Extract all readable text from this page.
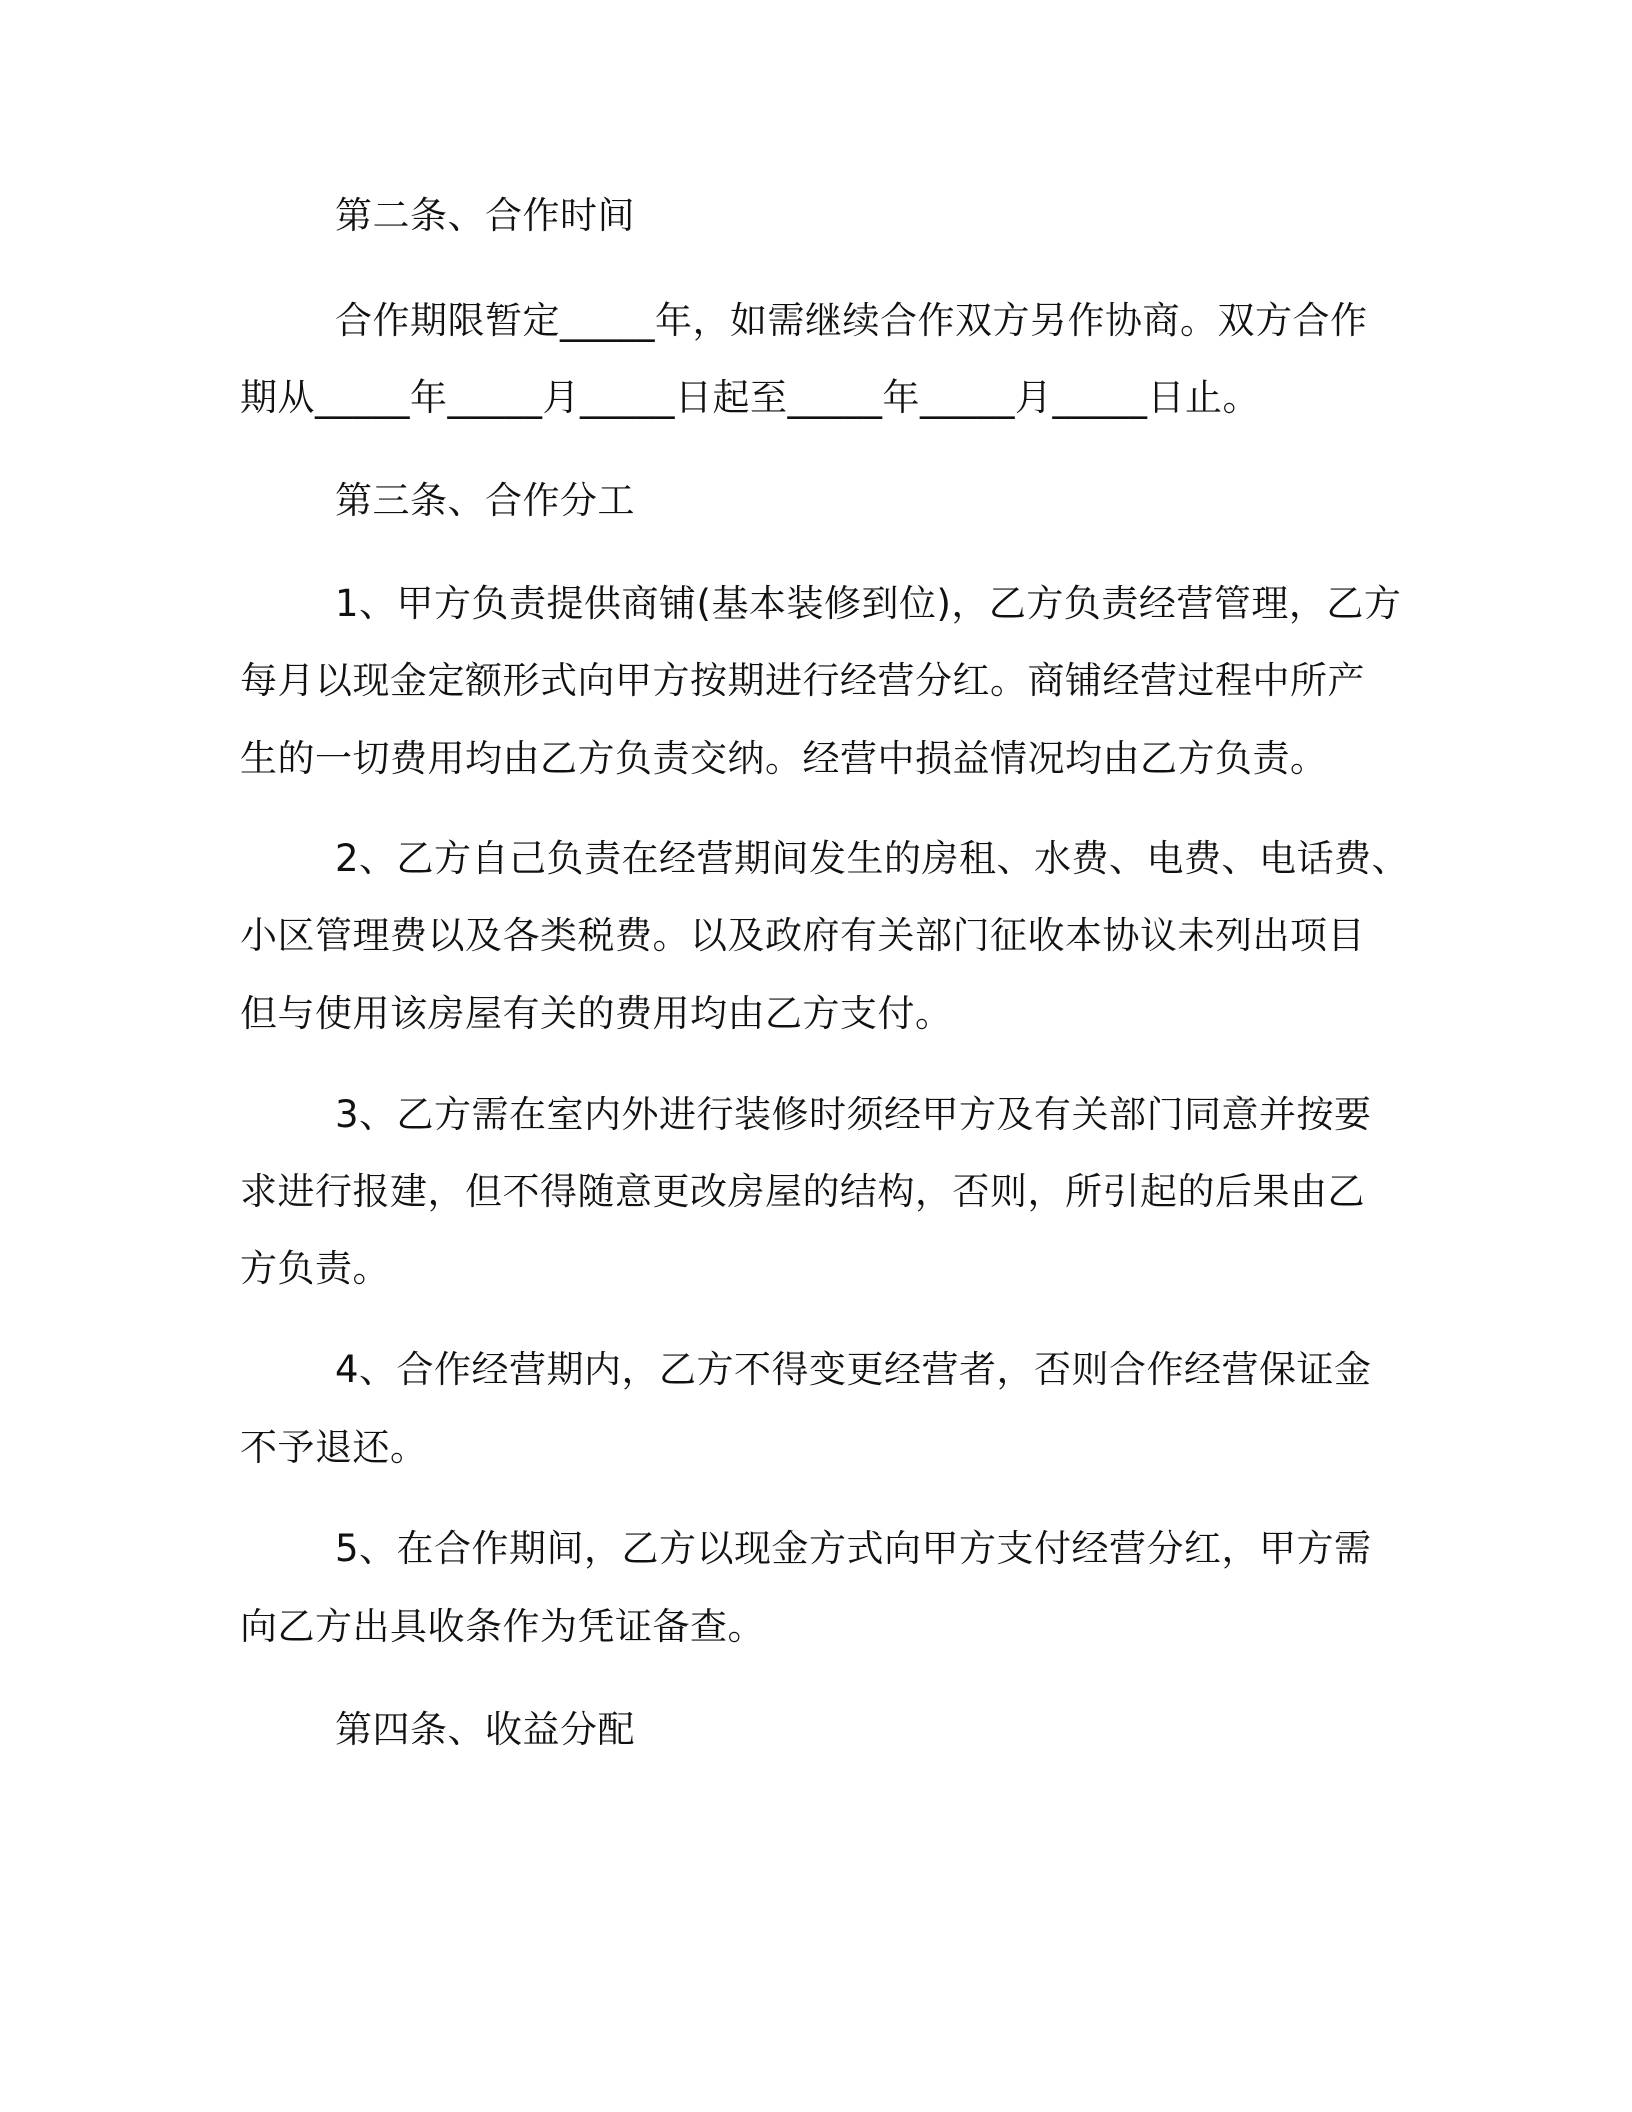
第二条、合作时间
合作期限暂定_____年，如需继续合作双方另作协商。双方合作
期从_____年_____月_____日起至_____年_____月_____日止。
第三条、合作分工
1、甲方负责提供商铺(基本装修到位)，乙方负责经营管理，乙方
每月以现金定额形式向甲方按期进行经营分红。商铺经营过程中所产
生的一切费用均由乙方负责交纳。经营中损益情况均由乙方负责。
2、乙方自己负责在经营期间发生的房租、水费、电费、电话费、
小区管理费以及各类税费。以及政府有关部门征收本协议未列出项目
但与使用该房屋有关的费用均由乙方支付。
3、乙方需在室内外进行装修时须经甲方及有关部门同意并按要
求进行报建，但不得随意更改房屋的结构，否则，所引起的后果由乙
方负责。
4、合作经营期内，乙方不得变更经营者，否则合作经营保证金
不予退还。
5、在合作期间，乙方以现金方式向甲方支付经营分红，甲方需
向乙方出具收条作为凭证备查。
第四条、收益分配
